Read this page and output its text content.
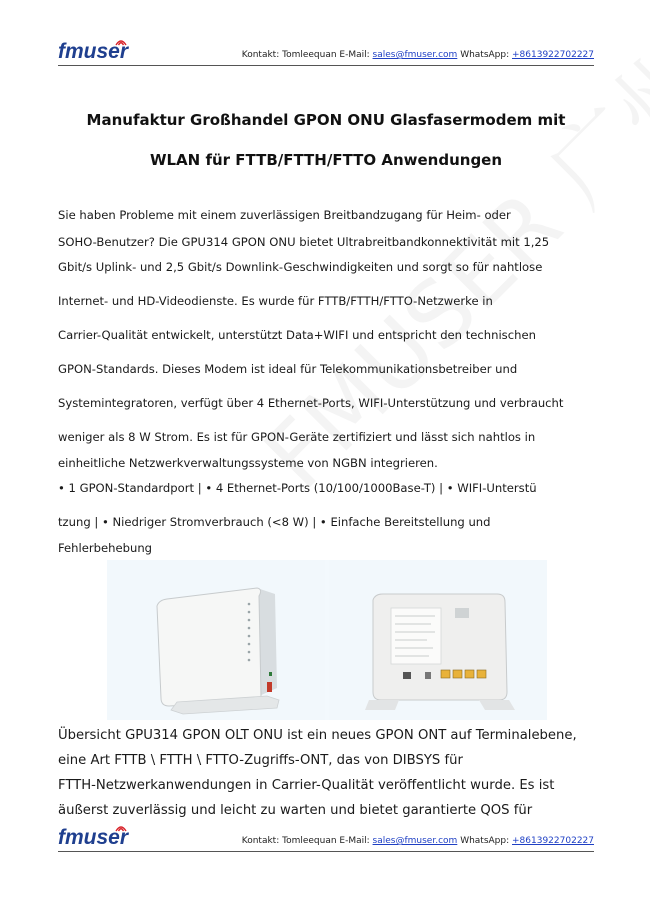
fmuser	Kontakt: Tomleequan E-Mail: sales@fmuser.com WhatsApp: +8613922702227
Manufaktur Großhandel GPON ONU Glasfasermodem mit
WLAN für FTTB/FTTH/FTTO Anwendungen
Sie haben Probleme mit einem zuverlässigen Breitbandzugang für Heim- oder
SOHO-Benutzer? Die GPU314 GPON ONU bietet Ultrabreitbandkonnektivität mit 1,25
Gbit/s Uplink- und 2,5 Gbit/s Downlink-Geschwindigkeiten und sorgt so für nahtlose
Internet- und HD-Videodienste. Es wurde für FTTB/FTTH/FTTO-Netzwerke in
Carrier-Qualität entwickelt, unterstützt Data+WIFI und entspricht den technischen
GPON-Standards. Dieses Modem ist ideal für Telekommunikationsbetreiber und
Systemintegratoren, verfügt über 4 Ethernet-Ports, WIFI-Unterstützung und verbraucht
weniger als 8 W Strom. Es ist für GPON-Geräte zertifiziert und lässt sich nahtlos in
einheitliche Netzwerkverwaltungssysteme von NGBN integrieren.
• 1 GPON-Standardport | • 4 Ethernet-Ports (10/100/1000Base-T) | • WIFI-Unterstü
tzung | • Niedriger Stromverbrauch (<8 W) | • Einfache Bereitstellung und
Fehlerbehebung
Übersicht GPU314 GPON OLT ONU ist ein neues GPON ONT auf Terminalebene,
eine Art FTTB \ FTTH \ FTTO-Zugriffs-ONT, das von DIBSYS für
FTTH-Netzwerkanwendungen in Carrier-Qualität veröffentlicht wurde. Es ist
äußerst zuverlässig und leicht zu warten und bietet garantierte QOS für
fmuser	Kontakt: Tomleequan E-Mail: sales@fmuser.com WhatsApp: +8613922702227
